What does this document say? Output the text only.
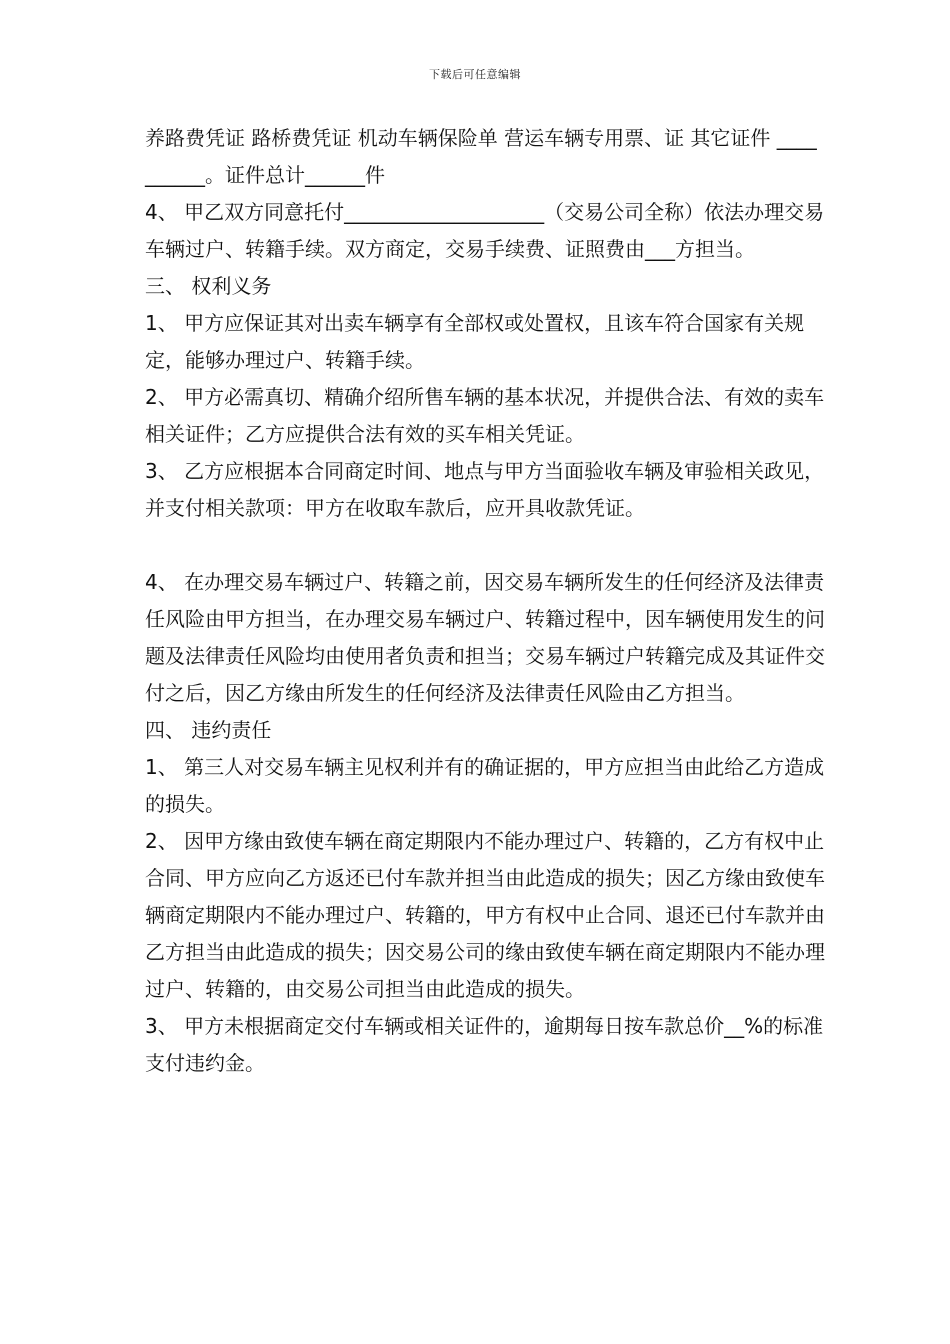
下载后可任意编辑

养路费凭证 路桥费凭证 机动车辆保险单 营运车辆专用票、证 其它证件 __________。证件总计______件

4、 甲乙双方同意托付____________________（交易公司全称）依法办理交易车辆过户、转籍手续。双方商定，交易手续费、证照费由___方担当。

三、 权利义务

1、 甲方应保证其对出卖车辆享有全部权或处置权，且该车符合国家有关规定，能够办理过户、转籍手续。

2、 甲方必需真切、精确介绍所售车辆的基本状况，并提供合法、有效的卖车相关证件；乙方应提供合法有效的买车相关凭证。

3、 乙方应根据本合同商定时间、地点与甲方当面验收车辆及审验相关政见，并支付相关款项：甲方在收取车款后，应开具收款凭证。

4、 在办理交易车辆过户、转籍之前，因交易车辆所发生的任何经济及法律责任风险由甲方担当，在办理交易车辆过户、转籍过程中，因车辆使用发生的问题及法律责任风险均由使用者负责和担当；交易车辆过户转籍完成及其证件交付之后，因乙方缘由所发生的任何经济及法律责任风险由乙方担当。

四、 违约责任

1、 第三人对交易车辆主见权利并有的确证据的，甲方应担当由此给乙方造成的损失。

2、 因甲方缘由致使车辆在商定期限内不能办理过户、转籍的，乙方有权中止合同、甲方应向乙方返还已付车款并担当由此造成的损失；因乙方缘由致使车辆商定期限内不能办理过户、转籍的，甲方有权中止合同、退还已付车款并由乙方担当由此造成的损失；因交易公司的缘由致使车辆在商定期限内不能办理过户、转籍的，由交易公司担当由此造成的损失。

3、 甲方未根据商定交付车辆或相关证件的，逾期每日按车款总价__%的标准支付违约金。
